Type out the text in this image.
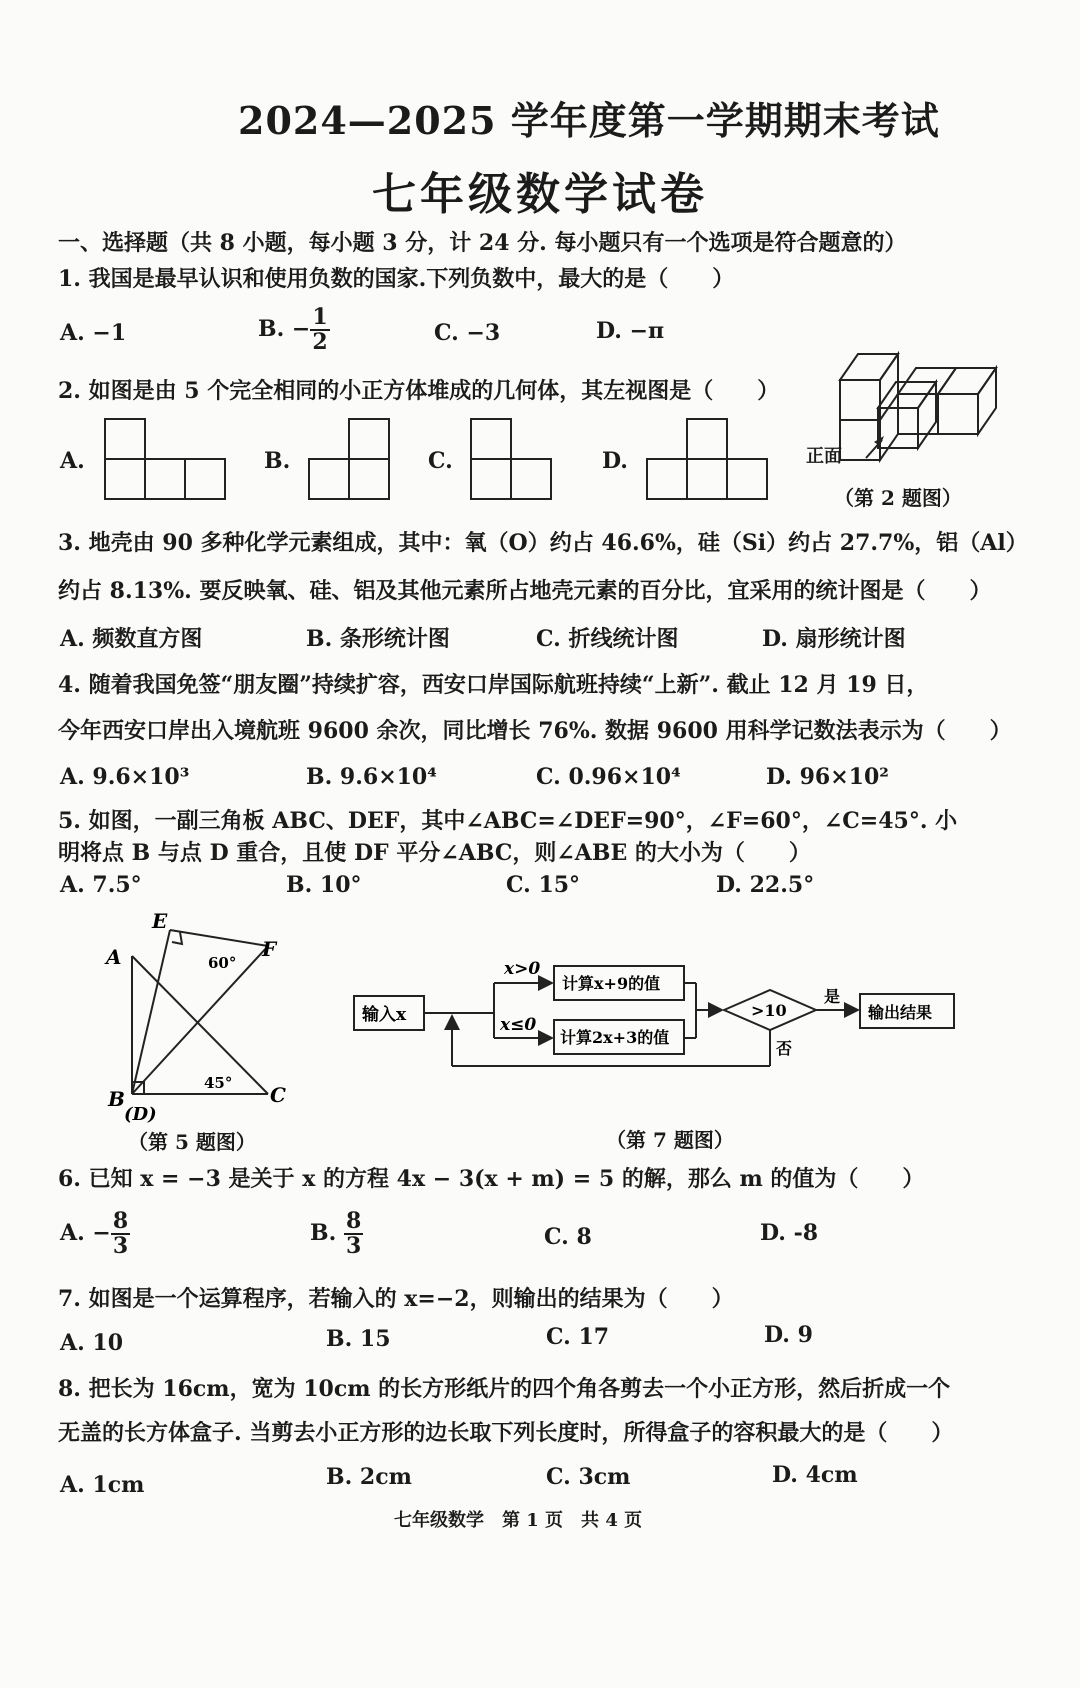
2024—2025 学年度第一学期期末考试
七年级数学试卷
一、选择题（共 8 小题，每小题 3 分，计 24 分. 每小题只有一个选项是符合题意的）
1. 我国是最早认识和使用负数的国家.下列负数中，最大的是（　　）
A. −1	B. − $\frac{1}{2}$	C. −3	D. −π
2. 如图是由 5 个完全相同的小正方体堆成的几何体，其左视图是（　　）
A.	B.	C.	D.	正面
（第 2 题图）
3. 地壳由 90 多种化学元素组成，其中：氧（O）约占 46.6%，硅（Si）约占 27.7%，铝（Al）
约占 8.13%. 要反映氧、硅、铝及其他元素所占地壳元素的百分比，宜采用的统计图是（　　）
A. 频数直方图	B. 条形统计图	C. 折线统计图	D. 扇形统计图
4. 随着我国免签“朋友圈”持续扩容，西安口岸国际航班持续“上新”. 截止 12 月 19 日，
今年西安口岸出入境航班 9600 余次，同比增长 76%. 数据 9600 用科学记数法表示为（　　）
A. 9.6×10³	B. 9.6×10⁴	C. 0.96×10⁴	D. 96×10²
5. 如图，一副三角板 ABC、DEF，其中∠ABC=∠DEF=90°，∠F=60°，∠C=45°. 小
明将点 B 与点 D 重合，且使 DF 平分∠ABC，则∠ABE 的大小为（　　）
A. 7.5°	B. 10°	C. 15°	D. 22.5°
A
E
F
B
(D)
C
60°
45°
（第 5 题图）
输入x
x>0
x≤0
计算x+9的值
计算2x+3的值
>10
是
否
输出结果
（第 7 题图）
6. 已知 x = −3 是关于 x 的方程 4x − 3(x + m) = 5 的解，那么 m 的值为（　　）
A. − $\frac{8}{3}$	B. $\frac{8}{3}$	C. 8	D. -8
7. 如图是一个运算程序，若输入的 x=−2，则输出的结果为（　　）
A. 10	B. 15	C. 17	D. 9
8. 把长为 16cm，宽为 10cm 的长方形纸片的四个角各剪去一个小正方形，然后折成一个
无盖的长方体盒子. 当剪去小正方形的边长取下列长度时，所得盒子的容积最大的是（　　）
A. 1cm	B. 2cm	C. 3cm	D. 4cm
七年级数学　第 1 页　共 4 页
